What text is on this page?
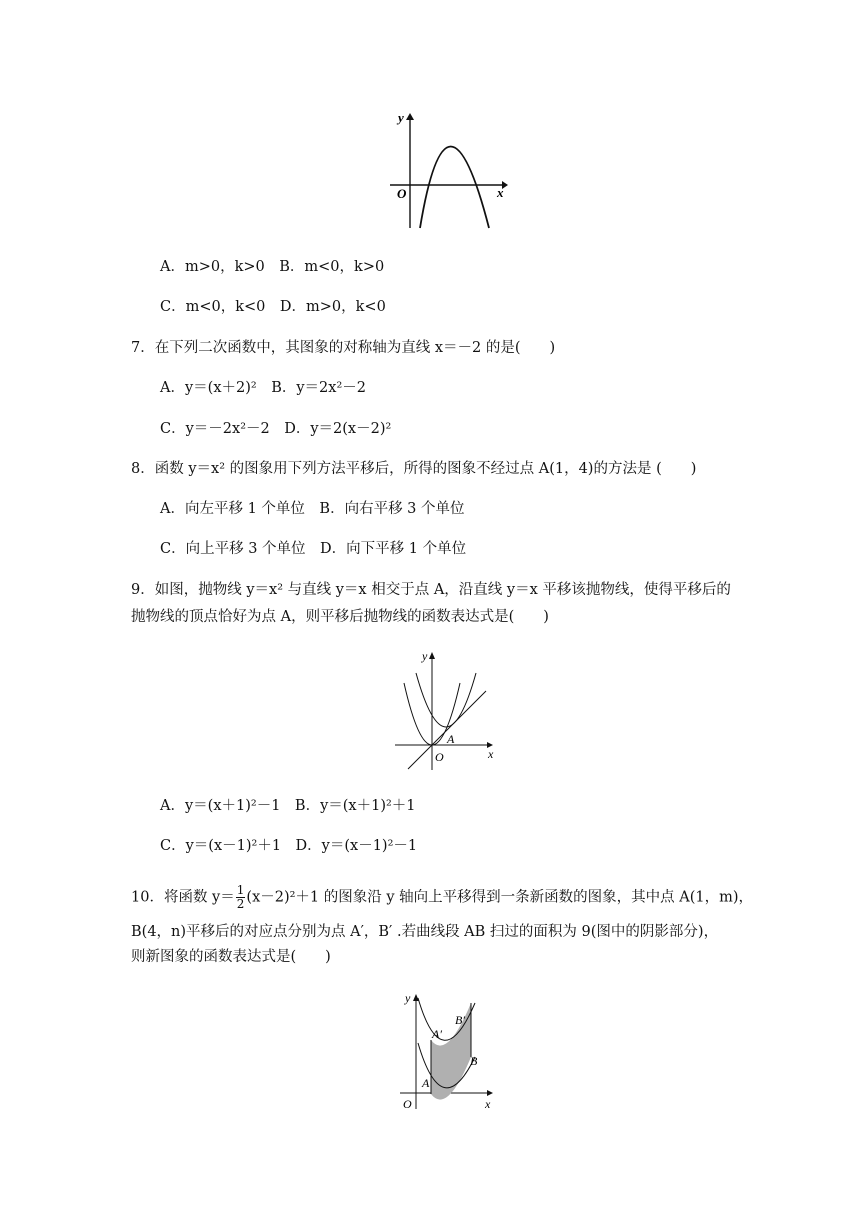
y
O	x
A．m>0，k>0　B．m<0，k>0
C．m<0，k<0　D．m>0，k<0
7．在下列二次函数中，其图象的对称轴为直线 x＝－2 的是(　　)
A．y＝(x＋2)²　B．y＝2x²－2
C．y＝－2x²－2　D．y＝2(x－2)²
8．函数 y＝x² 的图象用下列方法平移后，所得的图象不经过点 A(1，4)的方法是 (　　)
A．向左平移 1 个单位　B．向右平移 3 个单位
C．向上平移 3 个单位　D．向下平移 1 个单位
9．如图，抛物线 y＝x² 与直线 y＝x 相交于点 A，沿直线 y＝x 平移该抛物线，使得平移后的
抛物线的顶点恰好为点 A，则平移后抛物线的函数表达式是(　　)
y
A
O	x
A．y＝(x＋1)²－1　B．y＝(x＋1)²＋1
C．y＝(x－1)²＋1　D．y＝(x－1)²－1
10．将函数 $y= \frac{1}{2} (x-2)^2+1$ 的图象沿 y 轴向上平移得到一条新函数的图象，其中点 A(1，m)，
B(4，n)平移后的对应点分别为点 A′，B′ .若曲线段 AB 扫过的面积为 9(图中的阴影部分)，
则新图象的函数表达式是(　　)
y
A′
B′
B
A
O	x
